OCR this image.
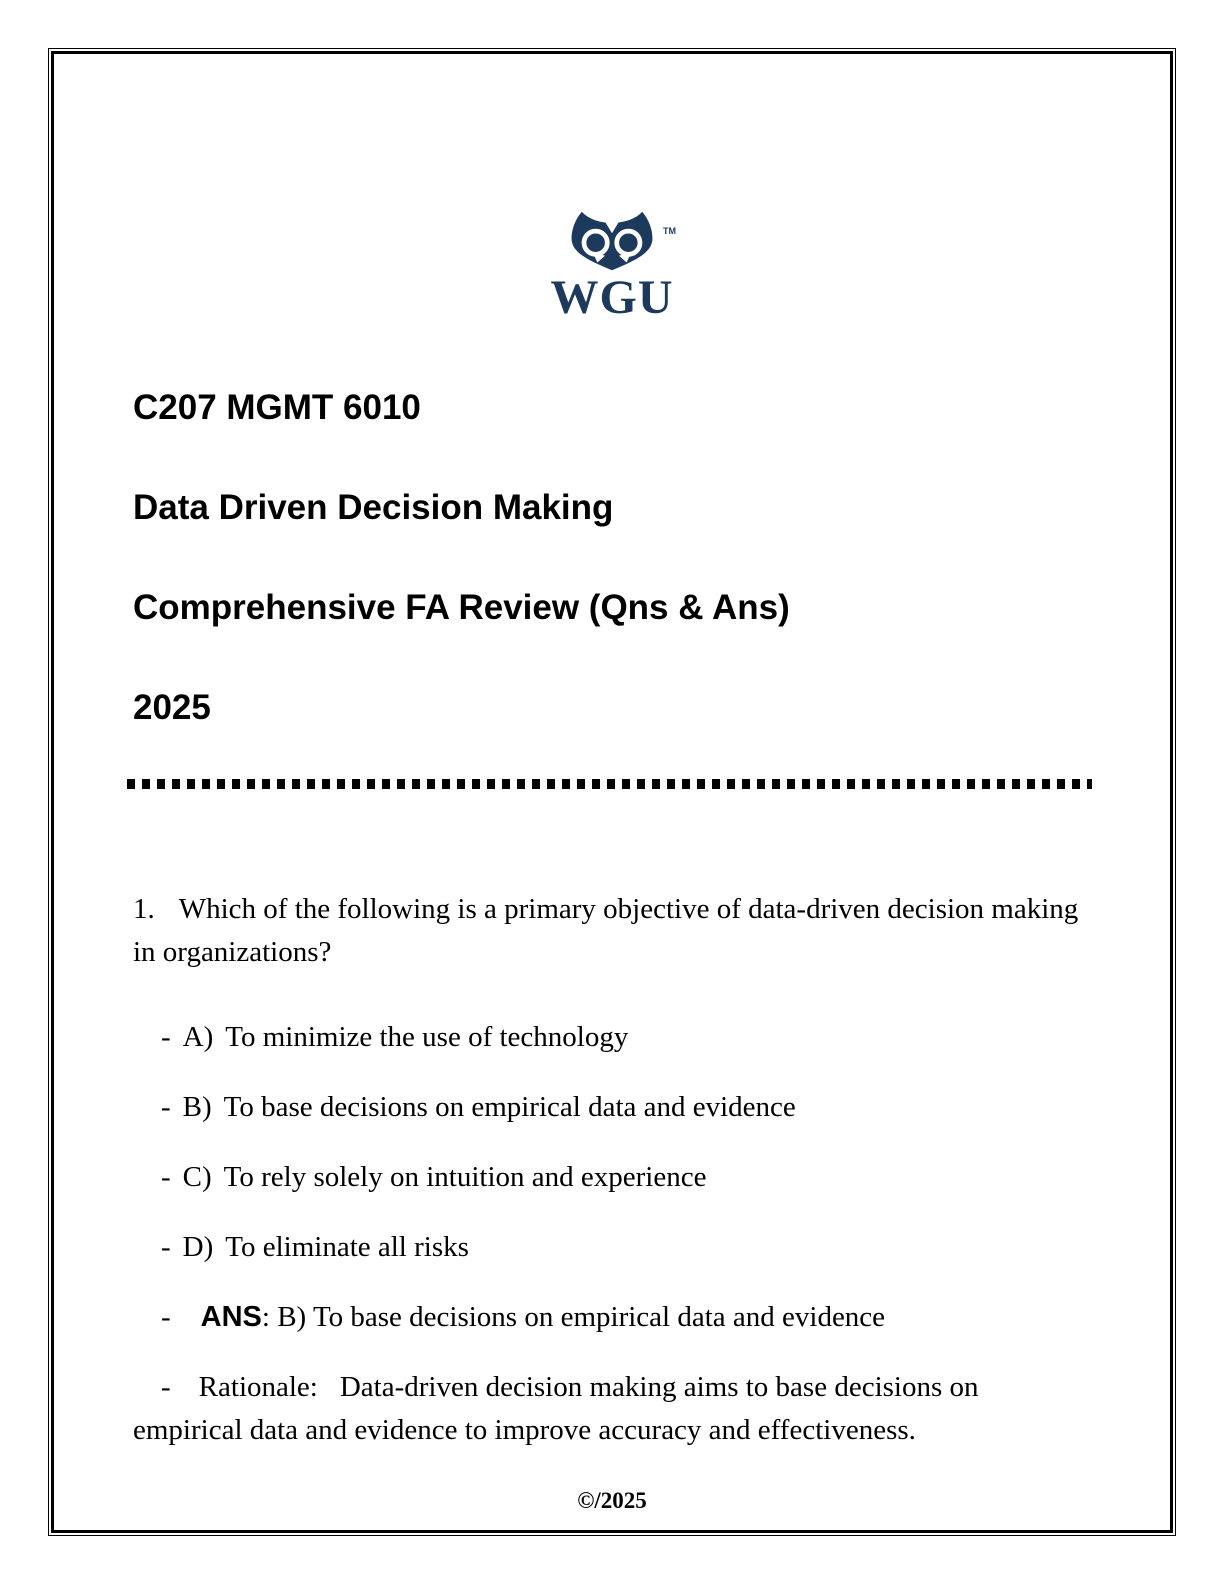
TM
WGU
C207 MGMT 6010
Data Driven Decision Making
Comprehensive FA Review (Qns & Ans)
2025

1. Which of the following is a primary objective of data-driven decision making in organizations?

- A) To minimize the use of technology

- B) To base decisions on empirical data and evidence

- C) To rely solely on intuition and experience

- D) To eliminate all risks

- ANS: B) To base decisions on empirical data and evidence

- Rationale: Data-driven decision making aims to base decisions on empirical data and evidence to improve accuracy and effectiveness.

©/2025
